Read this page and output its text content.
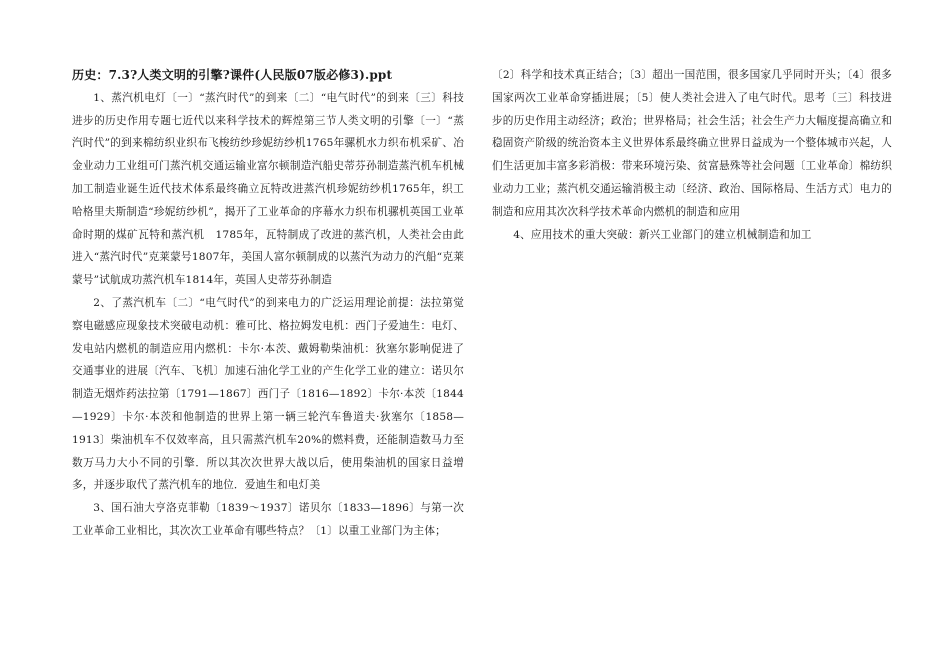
历史：7.3?人类文明的引擎?课件(人民版07版必修3).ppt

1、蒸汽机电灯〔一〕“蒸汽时代”的到来〔二〕“电气时代”的到来〔三〕科技进步的历史作用专题七近代以来科学技术的辉煌第三节人类文明的引擎〔一〕“蒸汽时代”的到来棉纺织业织布飞梭纺纱珍妮纺纱机1765年骡机水力织布机采矿、冶金业动力工业组可门蒸汽机交通运输业富尔顿制造汽船史蒂芬孙制造蒸汽机车机械加工制造业诞生近代技术体系最终确立瓦特改进蒸汽机珍妮纺纱机1765年，织工哈格里夫斯制造“珍妮纺纱机”，揭开了工业革命的序幕水力织布机骡机英国工业革命时期的煤矿瓦特和蒸汽机　1785年，瓦特制成了改进的蒸汽机，人类社会由此进入“蒸汽时代”克莱蒙号1807年，美国人富尔顿制成的以蒸汽为动力的汽船“克莱蒙号”试航成功蒸汽机车1814年，英国人史蒂芬孙制造

2、了蒸汽机车〔二〕“电气时代”的到来电力的广泛运用理论前提：法拉第觉察电磁感应现象技术突破电动机：雅可比、格拉姆发电机：西门子爱迪生：电灯、发电站内燃机的制造应用内燃机：卡尔·本茨、戴姆勒柴油机：狄塞尔影响促进了交通事业的进展〔汽车、飞机〕加速石油化学工业的产生化学工业的建立：诺贝尔制造无烟炸药法拉第〔1791—1867〕西门子〔1816—1892〕卡尔·本茨〔1844—1929〕卡尔·本茨和他制造的世界上第一辆三轮汽车鲁道夫·狄塞尔〔1858—1913〕柴油机车不仅效率高，且只需蒸汽机车20%的燃料费，还能制造数马力至数万马力大小不同的引擎．所以其次次世界大战以后，使用柴油机的国家日益增多，并逐步取代了蒸汽机车的地位．爱迪生和电灯美

3、国石油大亨洛克菲勒〔1839～1937〕诺贝尔〔1833—1896〕与第一次工业革命工业相比，其次次工业革命有哪些特点？〔1〕以重工业部门为主体；

〔2〕科学和技术真正结合；〔3〕超出一国范围，很多国家几乎同时开头；〔4〕很多国家两次工业革命穿插进展；〔5〕使人类社会进入了电气时代。思考〔三〕科技进步的历史作用主动经济；政治；世界格局；社会生活；社会生产力大幅度提高确立和稳固资产阶级的统治资本主义世界体系最终确立世界日益成为一个整体城市兴起，人们生活更加丰富多彩消极：带来环境污染、贫富悬殊等社会问题〔工业革命〕棉纺织业动力工业；蒸汽机交通运输消极主动〔经济、政治、国际格局、生活方式〕电力的制造和应用其次次科学技术革命内燃机的制造和应用

4、应用技术的重大突破：新兴工业部门的建立机械制造和加工
